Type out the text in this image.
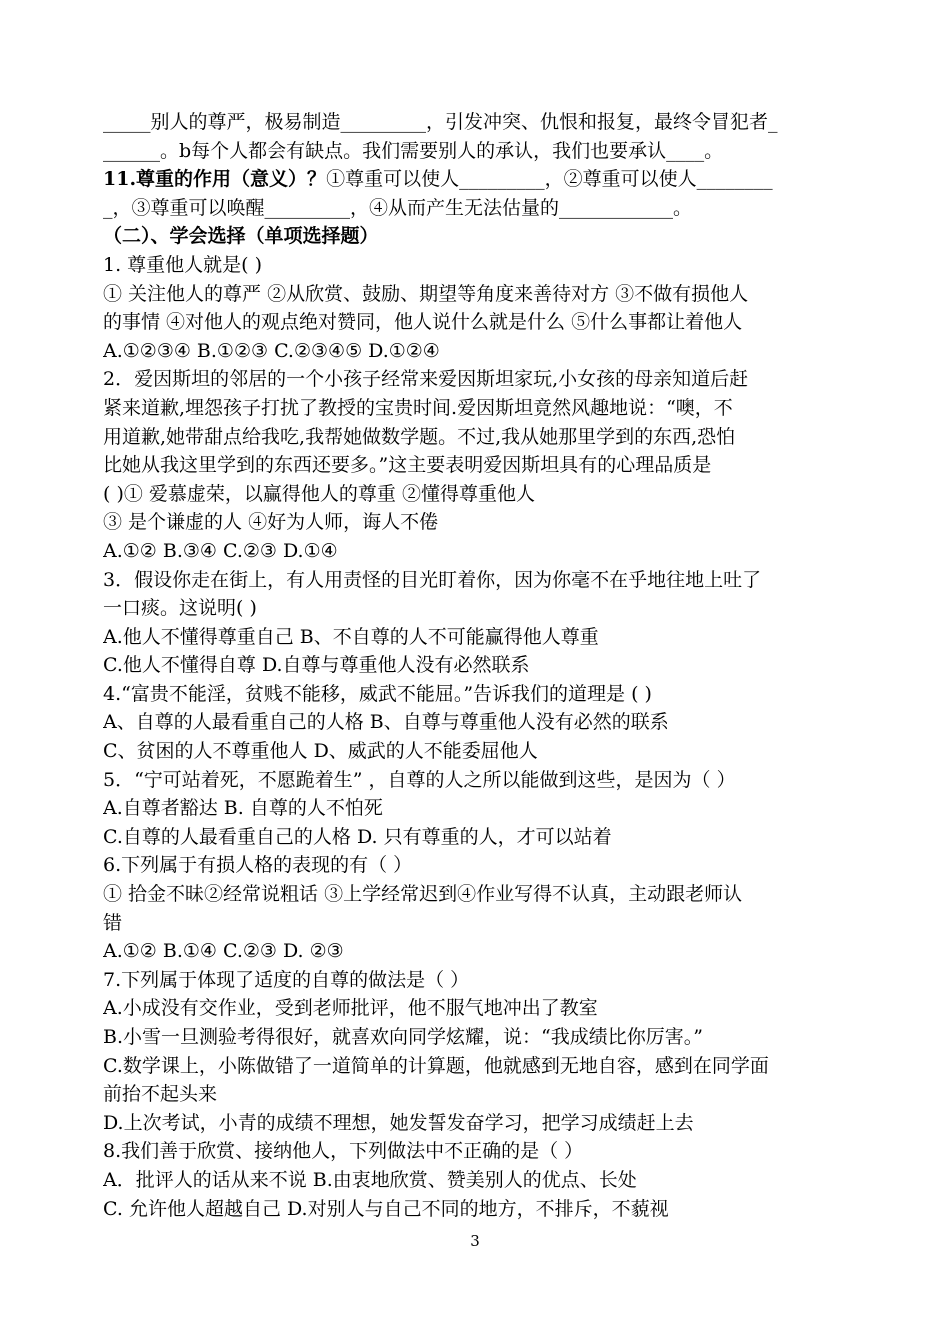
_____别人的尊严，极易制造_________，引发冲突、仇恨和报复，最终令冒犯者_
______。b每个人都会有缺点。我们需要别人的承认，我们也要承认____。
11.尊重的作用（意义）？①尊重可以使人_________，②尊重可以使人________
_，③尊重可以唤醒_________，④从而产生无法估量的____________。
（二）、学会选择（单项选择题）
1. 尊重他人就是( )
① 关注他人的尊严 ②从欣赏、鼓励、期望等角度来善待对方 ③不做有损他人
的事情 ④对他人的观点绝对赞同，他人说什么就是什么 ⑤什么事都让着他人
A.①②③④ B.①②③ C.②③④⑤ D.①②④
2．爱因斯坦的邻居的一个小孩子经常来爱因斯坦家玩,小女孩的母亲知道后赶
紧来道歉,埋怨孩子打扰了教授的宝贵时间.爱因斯坦竟然风趣地说：“噢，不
用道歉,她带甜点给我吃,我帮她做数学题。不过,我从她那里学到的东西,恐怕
比她从我这里学到的东西还要多。”这主要表明爱因斯坦具有的心理品质是
( )① 爱慕虚荣，以赢得他人的尊重 ②懂得尊重他人
③ 是个谦虚的人 ④好为人师，诲人不倦
A.①② B.③④ C.②③ D.①④
3．假设你走在街上，有人用责怪的目光盯着你，因为你毫不在乎地往地上吐了
一口痰。这说明( )
A.他人不懂得尊重自己 B、不自尊的人不可能赢得他人尊重
C.他人不懂得自尊 D.自尊与尊重他人没有必然联系
4.“富贵不能淫，贫贱不能移，威武不能屈。”告诉我们的道理是 ( )
A、自尊的人最看重自己的人格 B、自尊与尊重他人没有必然的联系
C、贫困的人不尊重他人 D、威武的人不能委屈他人
5．“宁可站着死，不愿跪着生” ，自尊的人之所以能做到这些，是因为（ ）
A.自尊者豁达 B. 自尊的人不怕死
C.自尊的人最看重自己的人格 D. 只有尊重的人，才可以站着
6.下列属于有损人格的表现的有（ ）
① 拾金不昧②经常说粗话 ③上学经常迟到④作业写得不认真，主动跟老师认
错
A.①② B.①④ C.②③ D. ②③
7.下列属于体现了适度的自尊的做法是（ ）
A.小成没有交作业，受到老师批评，他不服气地冲出了教室
B.小雪一旦测验考得很好，就喜欢向同学炫耀，说：“我成绩比你厉害。”
C.数学课上，小陈做错了一道简单的计算题，他就感到无地自容，感到在同学面
前抬不起头来
D.上次考试，小青的成绩不理想，她发誓发奋学习，把学习成绩赶上去
8.我们善于欣赏、接纳他人，下列做法中不正确的是（ ）
A．批评人的话从来不说 B.由衷地欣赏、赞美别人的优点、长处
C. 允许他人超越自己 D.对别人与自己不同的地方，不排斥，不藐视
3
